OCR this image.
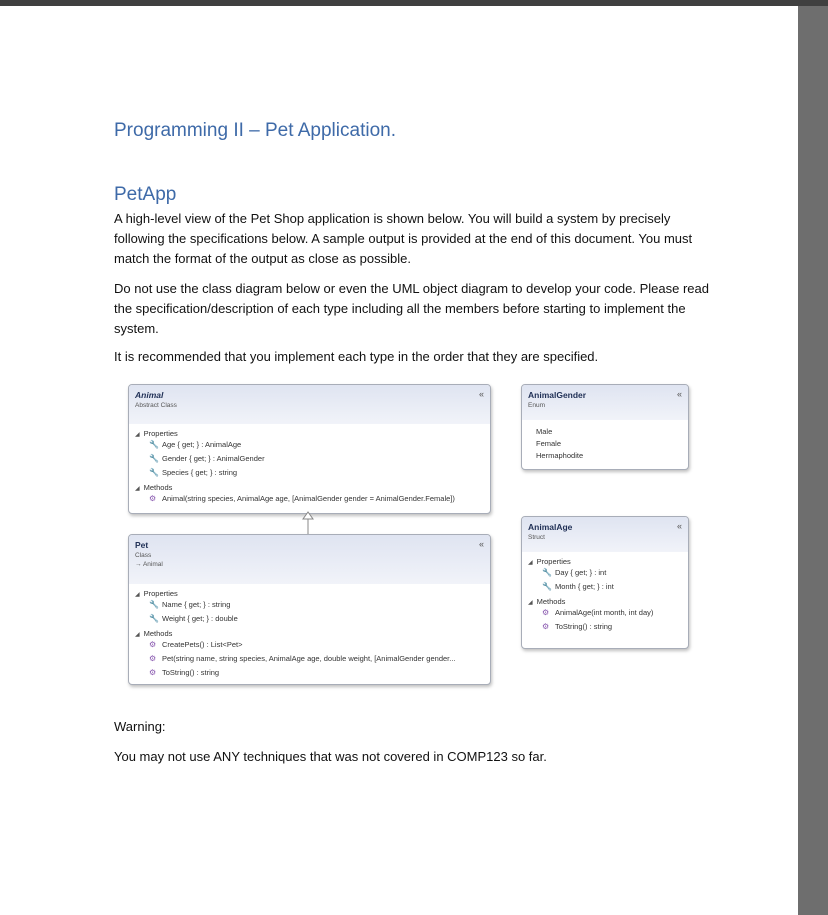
Programming II – Pet Application.
PetApp
A high-level view of the Pet Shop application is shown below. You will build a system by precisely following the specifications below. A sample output is provided at the end of this document. You must match the format of the output as close as possible.
Do not use the class diagram below or even the UML object diagram to develop your code. Please read the specification/description of each type including all the members before starting to implement the system.
It is recommended that you implement each type in the order that they are specified.
Animal
Abstract Class
«
◢ Properties
🔧 Age { get; } : AnimalAge
🔧 Gender { get; } : AnimalGender
🔧 Species { get; } : string
◢ Methods
⚙ Animal(string species, AnimalAge age, [AnimalGender gender = AnimalGender.Female])
Pet
Class
→ Animal
«
◢ Properties
🔧 Name { get; } : string
🔧 Weight { get; } : double
◢ Methods
⚙ CreatePets() : List<Pet>
⚙ Pet(string name, string species, AnimalAge age, double weight, [AnimalGender gender...
⚙ ToString() : string
AnimalGender
Enum
«
Male
Female
Hermaphodite
AnimalAge
Struct
«
◢ Properties
🔧 Day { get; } : int
🔧 Month { get; } : int
◢ Methods
⚙ AnimalAge(int month, int day)
⚙ ToString() : string
Warning:
You may not use ANY techniques that was not covered in COMP123 so far.
